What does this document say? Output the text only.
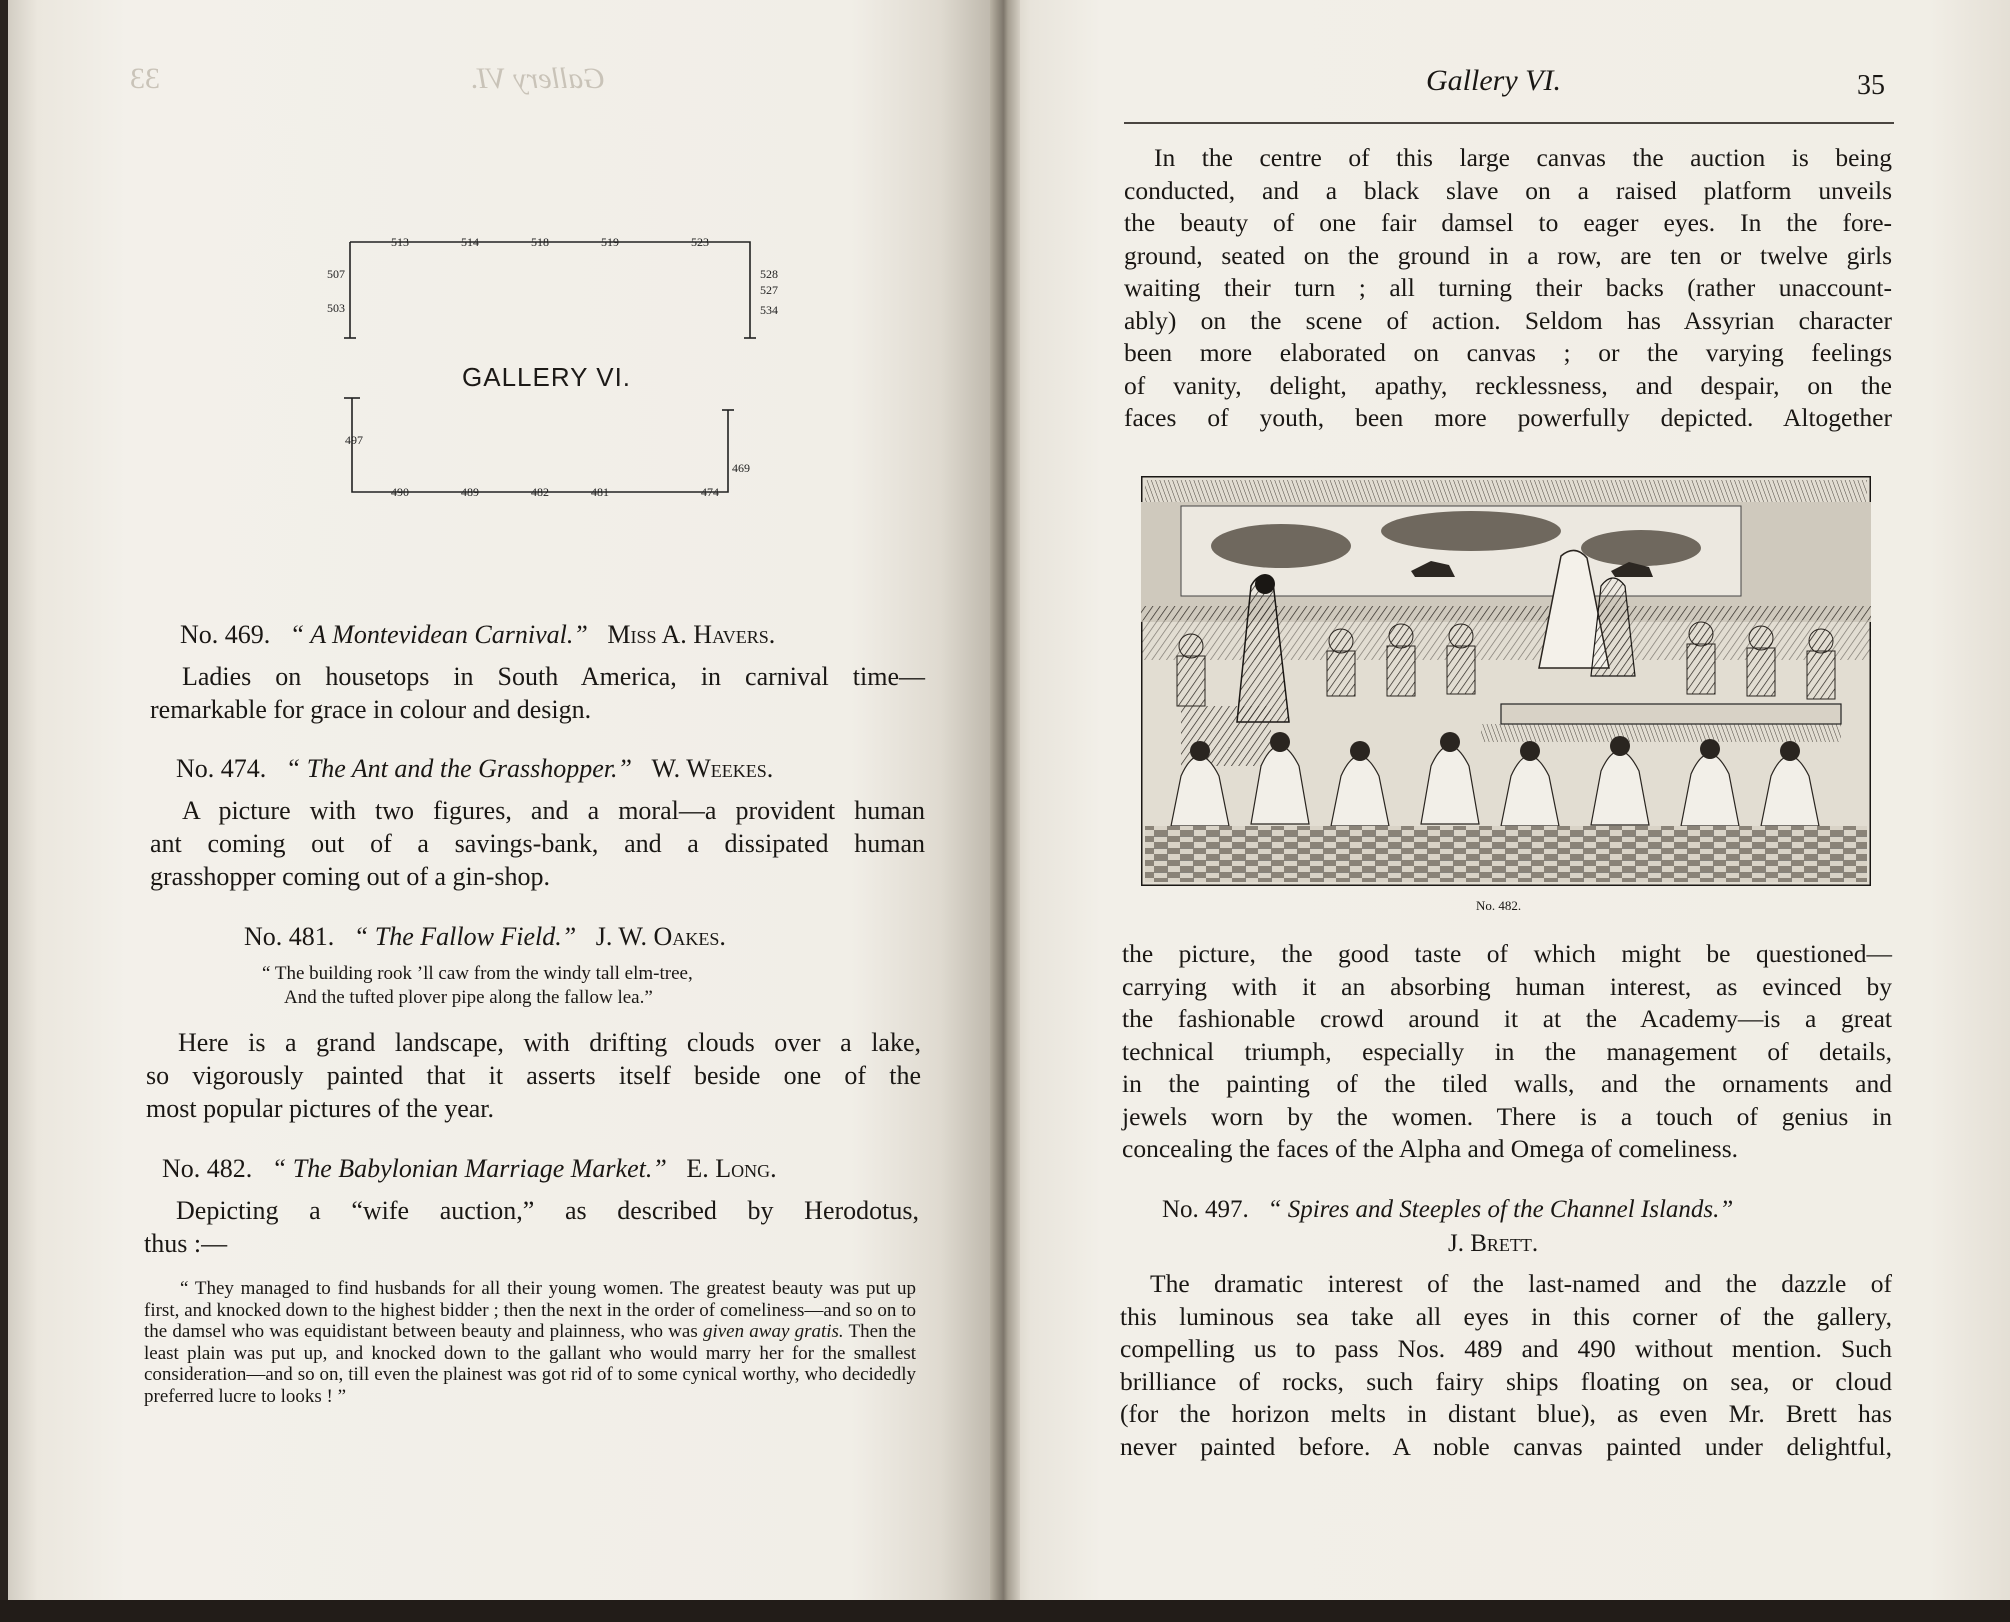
Gallery VI.
33
513	514	518	519	523
507
503
528
527
534
497
469
490	489	482	481	474
GALLERY VI.
No. 469. “ A Montevidean Carnival.” Miss A. Havers.
Ladies on housetops in South America, in carnival time—
remarkable for grace in colour and design.
No. 474. “ The Ant and the Grasshopper.” W. Weekes.
A picture with two figures, and a moral—a provident human
ant coming out of a savings-bank, and a dissipated human
grasshopper coming out of a gin-shop.
No. 481. “ The Fallow Field.” J. W. Oakes.
“ The building rook ’ll caw from the windy tall elm-tree,
And the tufted plover pipe along the fallow lea.”
Here is a grand landscape, with drifting clouds over a lake,
so vigorously painted that it asserts itself beside one of the
most popular pictures of the year.
No. 482. “ The Babylonian Marriage Market.” E. Long.
Depicting a “wife auction,” as described by Herodotus,
thus :—
“ They managed to find husbands for all their young women. The greatest beauty was put up first, and knocked down to the highest bidder ; then the next in the order of comeliness—and so on to the damsel who was equidistant between beauty and plainness, who was given away gratis. Then the least plain was put up, and knocked down to the gallant who would marry her for the smallest consideration—and so on, till even the plainest was got rid of to some cynical worthy, who decidedly preferred lucre to looks ! ”
Gallery VI.	35
In the centre of this large canvas the auction is being
conducted, and a black slave on a raised platform unveils
the beauty of one fair damsel to eager eyes. In the fore-
ground, seated on the ground in a row, are ten or twelve girls
waiting their turn ; all turning their backs (rather unaccount-
ably) on the scene of action. Seldom has Assyrian character
been more elaborated on canvas ; or the varying feelings
of vanity, delight, apathy, recklessness, and despair, on the
faces of youth, been more powerfully depicted. Altogether
No. 482.
the picture, the good taste of which might be questioned—
carrying with it an absorbing human interest, as evinced by
the fashionable crowd around it at the Academy—is a great
technical triumph, especially in the management of details,
in the painting of the tiled walls, and the ornaments and
jewels worn by the women. There is a touch of genius in
concealing the faces of the Alpha and Omega of comeliness.
No. 497. “ Spires and Steeples of the Channel Islands.”
J. Brett.
The dramatic interest of the last-named and the dazzle of
this luminous sea take all eyes in this corner of the gallery,
compelling us to pass Nos. 489 and 490 without mention. Such
brilliance of rocks, such fairy ships floating on sea, or cloud
(for the horizon melts in distant blue), as even Mr. Brett has
never painted before. A noble canvas painted under delightful,
